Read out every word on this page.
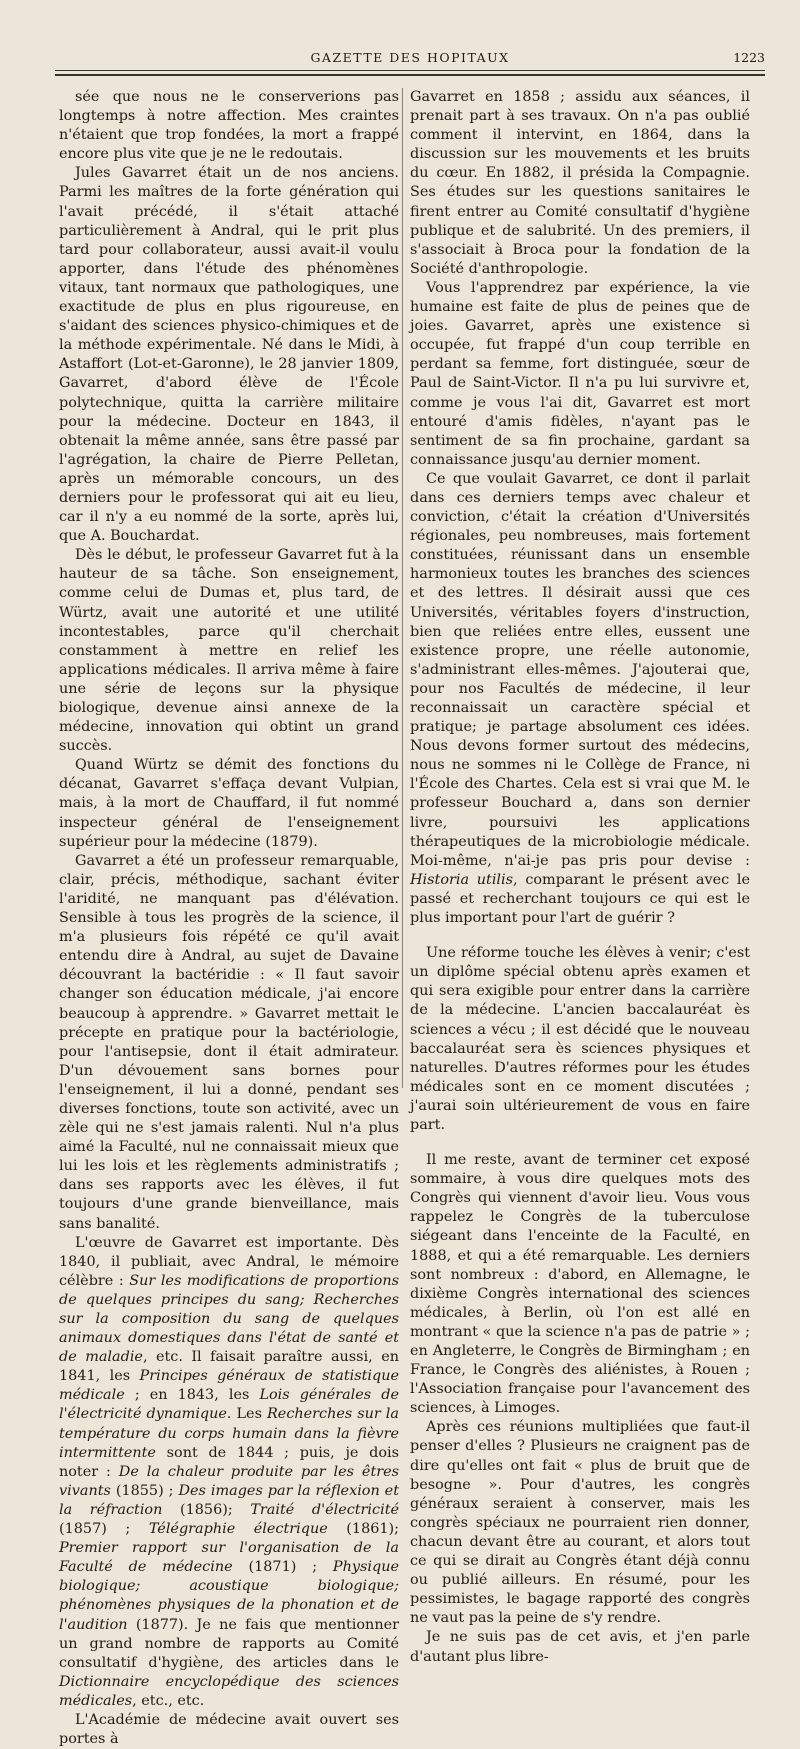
GAZETTE DES HOPITAUX	1223

sée que nous ne le conserverions pas longtemps à notre affection. Mes craintes n'étaient que trop fondées, la mort a frappé encore plus vite que je ne le redoutais.

Jules Gavarret était un de nos anciens. Parmi les maîtres de la forte génération qui l'avait précédé, il s'était attaché particulièrement à Andral, qui le prit plus tard pour collaborateur, aussi avait-il voulu apporter, dans l'étude des phénomènes vitaux, tant normaux que pathologiques, une exactitude de plus en plus rigoureuse, en s'aidant des sciences physico-chimiques et de la méthode expérimentale. Né dans le Midi, à Astaffort (Lot-et-Garonne), le 28 janvier 1809, Gavarret, d'abord élève de l'École polytechnique, quitta la carrière militaire pour la médecine. Docteur en 1843, il obtenait la même année, sans être passé par l'agrégation, la chaire de Pierre Pelletan, après un mémorable concours, un des derniers pour le professorat qui ait eu lieu, car il n'y a eu nommé de la sorte, après lui, que A. Bouchardat.

Dès le début, le professeur Gavarret fut à la hauteur de sa tâche. Son enseignement, comme celui de Dumas et, plus tard, de Würtz, avait une autorité et une utilité incontestables, parce qu'il cherchait constamment à mettre en relief les applications médicales. Il arriva même à faire une série de leçons sur la physique biologique, devenue ainsi annexe de la médecine, innovation qui obtint un grand succès.

Quand Würtz se démit des fonctions du décanat, Gavarret s'effaça devant Vulpian, mais, à la mort de Chauffard, il fut nommé inspecteur général de l'enseignement supérieur pour la médecine (1879).

Gavarret a été un professeur remarquable, clair, précis, méthodique, sachant éviter l'aridité, ne manquant pas d'élévation. Sensible à tous les progrès de la science, il m'a plusieurs fois répété ce qu'il avait entendu dire à Andral, au sujet de Davaine découvrant la bactéridie : « Il faut savoir changer son éducation médicale, j'ai encore beaucoup à apprendre. » Gavarret mettait le précepte en pratique pour la bactériologie, pour l'antisepsie, dont il était admirateur. D'un dévouement sans bornes pour l'enseignement, il lui a donné, pendant ses diverses fonctions, toute son activité, avec un zèle qui ne s'est jamais ralenti. Nul n'a plus aimé la Faculté, nul ne connaissait mieux que lui les lois et les règlements administratifs ; dans ses rapports avec les élèves, il fut toujours d'une grande bienveillance, mais sans banalité.

L'œuvre de Gavarret est importante. Dès 1840, il publiait, avec Andral, le mémoire célèbre : Sur les modifications de proportions de quelques principes du sang; Recherches sur la composition du sang de quelques animaux domestiques dans l'état de santé et de maladie, etc. Il faisait paraître aussi, en 1841, les Principes généraux de statistique médicale ; en 1843, les Lois générales de l'électricité dynamique. Les Recherches sur la température du corps humain dans la fièvre intermittente sont de 1844 ; puis, je dois noter : De la chaleur produite par les êtres vivants (1855) ; Des images par la réflexion et la réfraction (1856); Traité d'électricité (1857) ; Télégraphie électrique (1861); Premier rapport sur l'organisation de la Faculté de médecine (1871) ; Physique biologique; acoustique biologique; phénomènes physiques de la phonation et de l'audition (1877). Je ne fais que mentionner un grand nombre de rapports au Comité consultatif d'hygiène, des articles dans le Dictionnaire encyclopédique des sciences médicales, etc., etc.

L'Académie de médecine avait ouvert ses portes à

Gavarret en 1858 ; assidu aux séances, il prenait part à ses travaux. On n'a pas oublié comment il intervint, en 1864, dans la discussion sur les mouvements et les bruits du cœur. En 1882, il présida la Compagnie. Ses études sur les questions sanitaires le firent entrer au Comité consultatif d'hygiène publique et de salubrité. Un des premiers, il s'associait à Broca pour la fondation de la Société d'anthropologie.

Vous l'apprendrez par expérience, la vie humaine est faite de plus de peines que de joies. Gavarret, après une existence si occupée, fut frappé d'un coup terrible en perdant sa femme, fort distinguée, sœur de Paul de Saint-Victor. Il n'a pu lui survivre et, comme je vous l'ai dit, Gavarret est mort entouré d'amis fidèles, n'ayant pas le sentiment de sa fin prochaine, gardant sa connaissance jusqu'au dernier moment.

Ce que voulait Gavarret, ce dont il parlait dans ces derniers temps avec chaleur et conviction, c'était la création d'Universités régionales, peu nombreuses, mais fortement constituées, réunissant dans un ensemble harmonieux toutes les branches des sciences et des lettres. Il désirait aussi que ces Universités, véritables foyers d'instruction, bien que reliées entre elles, eussent une existence propre, une réelle autonomie, s'administrant elles-mêmes. J'ajouterai que, pour nos Facultés de médecine, il leur reconnaissait un caractère spécial et pratique; je partage absolument ces idées. Nous devons former surtout des médecins, nous ne sommes ni le Collège de France, ni l'École des Chartes. Cela est si vrai que M. le professeur Bouchard a, dans son dernier livre, poursuivi les applications thérapeutiques de la microbiologie médicale. Moi-même, n'ai-je pas pris pour devise : Historia utilis, comparant le présent avec le passé et recherchant toujours ce qui est le plus important pour l'art de guérir ?

Une réforme touche les élèves à venir; c'est un diplôme spécial obtenu après examen et qui sera exigible pour entrer dans la carrière de la médecine. L'ancien baccalauréat ès sciences a vécu ; il est décidé que le nouveau baccalauréat sera ès sciences physiques et naturelles. D'autres réformes pour les études médicales sont en ce moment discutées ; j'aurai soin ultérieurement de vous en faire part.

Il me reste, avant de terminer cet exposé sommaire, à vous dire quelques mots des Congrès qui viennent d'avoir lieu. Vous vous rappelez le Congrès de la tuberculose siégeant dans l'enceinte de la Faculté, en 1888, et qui a été remarquable. Les derniers sont nombreux : d'abord, en Allemagne, le dixième Congrès international des sciences médicales, à Berlin, où l'on est allé en montrant « que la science n'a pas de patrie » ; en Angleterre, le Congrès de Birmingham ; en France, le Congrès des aliénistes, à Rouen ; l'Association française pour l'avancement des sciences, à Limoges.

Après ces réunions multipliées que faut-il penser d'elles ? Plusieurs ne craignent pas de dire qu'elles ont fait « plus de bruit que de besogne ». Pour d'autres, les congrès généraux seraient à conserver, mais les congrès spéciaux ne pourraient rien donner, chacun devant être au courant, et alors tout ce qui se dirait au Congrès étant déjà connu ou publié ailleurs. En résumé, pour les pessimistes, le bagage rapporté des congrès ne vaut pas la peine de s'y rendre.

Je ne suis pas de cet avis, et j'en parle d'autant plus libre-
